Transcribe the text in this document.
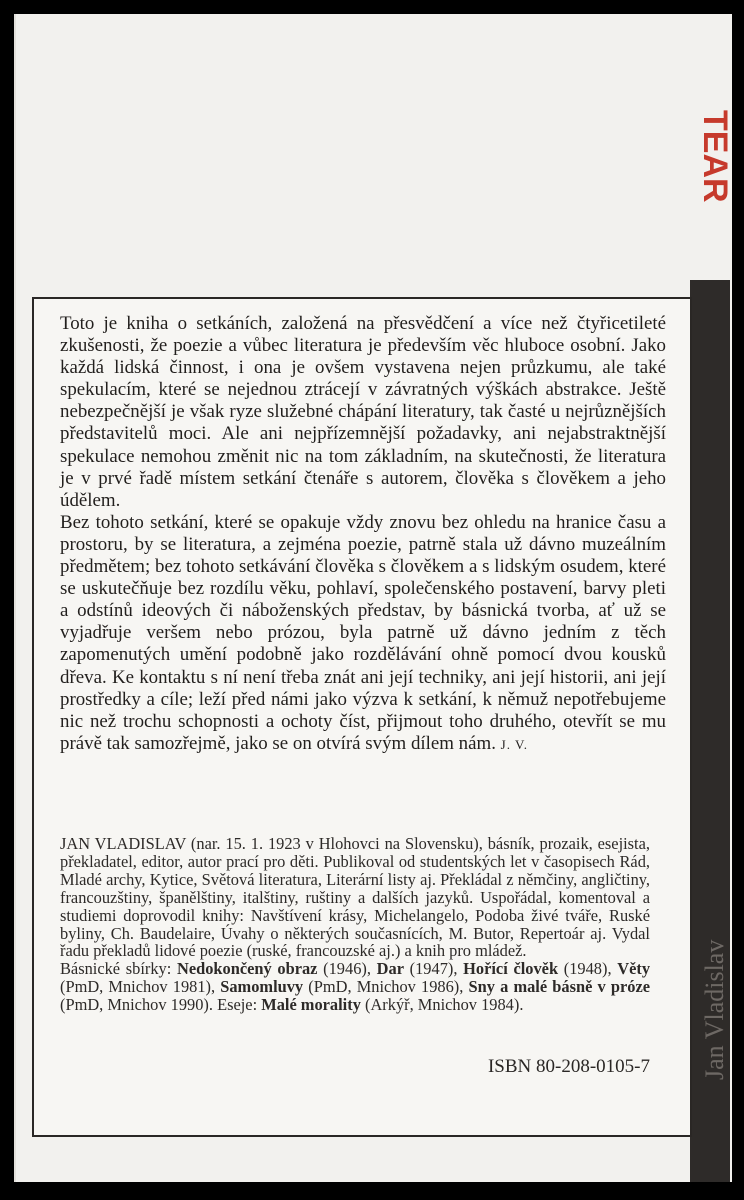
TEAR
Jan Vladislav

Toto je kniha o setkáních, založená na přesvědčení a více než čtyřicetileté zkušenosti, že poezie a vůbec literatura je především věc hluboce osobní. Jako každá lidská činnost, i ona je ovšem vystavena nejen průzkumu, ale také spekulacím, které se nejednou ztrácejí v závratných výškách abstrakce. Ještě nebezpečnější je však ryze služebné chápání literatury, tak časté u nejrůznějších představitelů moci. Ale ani nejpřízemnější požadavky, ani nejabstraktnější spekulace nemohou změnit nic na tom základním, na skutečnosti, že literatura je v prvé řadě místem setkání čtenáře s autorem, člověka s člověkem a jeho údělem.

Bez tohoto setkání, které se opakuje vždy znovu bez ohledu na hranice času a prostoru, by se literatura, a zejména poezie, patrně stala už dávno muzeálním předmětem; bez tohoto setkávání člověka s člověkem a s lidským osudem, které se uskutečňuje bez rozdílu věku, pohlaví, společenského postavení, barvy pleti a odstínů ideových či náboženských představ, by básnická tvorba, ať už se vyjadřuje veršem nebo prózou, byla patrně už dávno jedním z těch zapomenutých umění podobně jako rozdělávání ohně pomocí dvou kousků dřeva. Ke kontaktu s ní není třeba znát ani její techniky, ani její historii, ani její prostředky a cíle; leží před námi jako výzva k setkání, k němuž nepotřebujeme nic než trochu schopnosti a ochoty číst, přijmout toho druhého, otevřít se mu právě tak samozřejmě, jako se on otvírá svým dílem nám. J. V.

JAN VLADISLAV (nar. 15. 1. 1923 v Hlohovci na Slovensku), básník, prozaik, esejista, překladatel, editor, autor prací pro děti. Publikoval od studentských let v časopisech Rád, Mladé archy, Kytice, Světová literatura, Literární listy aj. Překládal z němčiny, angličtiny, francouzštiny, španělštiny, italštiny, ruštiny a dalších jazyků. Uspořádal, komentoval a studiemi doprovodil knihy: Navštívení krásy, Michelangelo, Podoba živé tváře, Ruské byliny, Ch. Baudelaire, Úvahy o některých současnících, M. Butor, Repertoár aj. Vydal řadu překladů lidové poezie (ruské, francouzské aj.) a knih pro mládež.

Básnické sbírky: Nedokončený obraz (1946), Dar (1947), Hořící člověk (1948), Věty (PmD, Mnichov 1981), Samomluvy (PmD, Mnichov 1986), Sny a malé básně v próze (PmD, Mnichov 1990). Eseje: Malé morality (Arkýř, Mnichov 1984).

ISBN 80-208-0105-7
